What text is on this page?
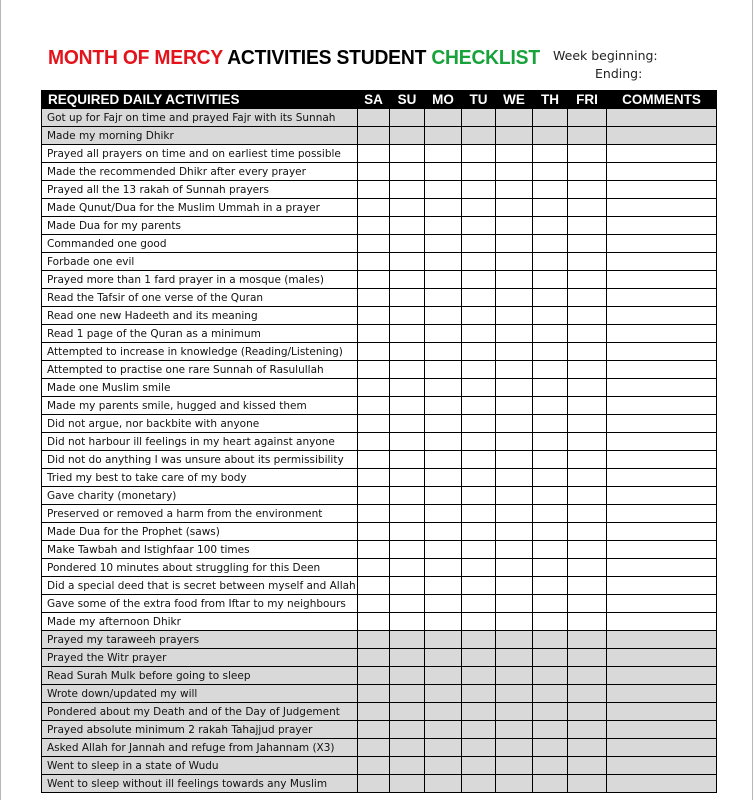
MONTH OF MERCY ACTIVITIES STUDENT CHECKLIST Week beginning:
Ending:
REQUIRED DAILY ACTIVITIES	SA	SU	MO	TU	WE	TH	FRI	COMMENTS
Got up for Fajr on time and prayed Fajr with its Sunnah								
Made my morning Dhikr								
Prayed all prayers on time and on earliest time possible								
Made the recommended Dhikr after every prayer								
Prayed all the 13 rakah of Sunnah prayers								
Made Qunut/Dua for the Muslim Ummah in a prayer								
Made Dua for my parents								
Commanded one good								
Forbade one evil								
Prayed more than 1 fard prayer in a mosque (males)								
Read the Tafsir of one verse of the Quran								
Read one new Hadeeth and its meaning								
Read 1 page of the Quran as a minimum								
Attempted to increase in knowledge (Reading/Listening)								
Attempted to practise one rare Sunnah of Rasulullah								
Made one Muslim smile								
Made my parents smile, hugged and kissed them								
Did not argue, nor backbite with anyone								
Did not harbour ill feelings in my heart against anyone								
Did not do anything I was unsure about its permissibility								
Tried my best to take care of my body								
Gave charity (monetary)								
Preserved or removed a harm from the environment								
Made Dua for the Prophet (saws)								
Make Tawbah and Istighfaar 100 times								
Pondered 10 minutes about struggling for this Deen								
Did a special deed that is secret between myself and Allah								
Gave some of the extra food from Iftar to my neighbours								
Made my afternoon Dhikr								
Prayed my taraweeh prayers								
Prayed the Witr prayer								
Read Surah Mulk before going to sleep								
Wrote down/updated my will								
Pondered about my Death and of the Day of Judgement								
Prayed absolute minimum 2 rakah Tahajjud prayer								
Asked Allah for Jannah and refuge from Jahannam (X3)								
Went to sleep in a state of Wudu								
Went to sleep without ill feelings towards any Muslim								
